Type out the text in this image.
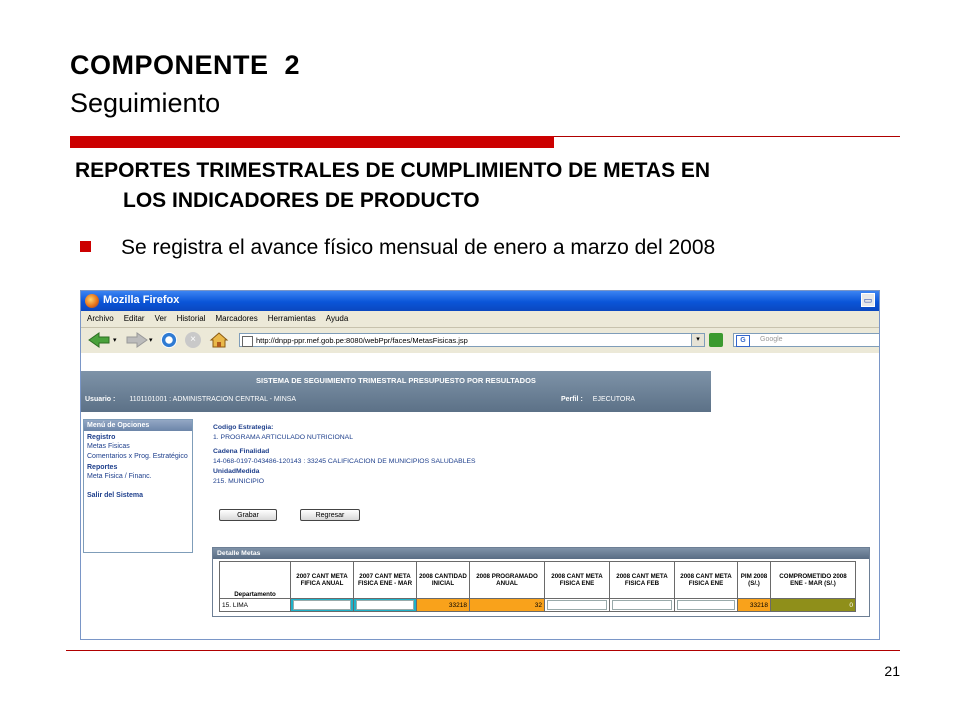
COMPONENTE  2
Seguimiento
REPORTES TRIMESTRALES DE CUMPLIMIENTO DE METAS EN
LOS INDICADORES DE PRODUCTO
Se registra el avance físico mensual de enero a marzo del 2008
Mozilla Firefox	▭
Archivo Editar Ver Historial Marcadores Herramientas Ayuda
▾	▾	×	http://dnpp-ppr.mef.gob.pe:8080/webPpr/faces/MetasFisicas.jsp	▾	G	Google
SISTEMA DE SEGUIMIENTO TRIMESTRAL PRESUPUESTO POR RESULTADOS
Usuario : 1101101001 : ADMINISTRACION CENTRAL - MINSA	Perfil : EJECUTORA
Menú de Opciones
Registro
Metas Fisicas
Comentarios x Prog. Estratégico
Reportes
Meta Fisica / Financ.
Salir del Sistema
Codigo Estrategia:
1. PROGRAMA ARTICULADO NUTRICIONAL
Cadena Finalidad
14-068-0197-043486-120143 : 33245 CALIFICACION DE MUNICIPIOS SALUDABLES
UnidadMedida
215. MUNICIPIO
Grabar	Regresar
Detalle Metas
Departamento	2007 CANT META FIFICA ANUAL	2007 CANT META FISICA ENE - MAR	2008 CANTIDAD INICIAL	2008 PROGRAMADO ANUAL	2008 CANT META FISICA ENE	2008 CANT META FISICA FEB	2008 CANT META FISICA ENE	PIM 2008 (S/.)	COMPROMETIDO 2008 ENE - MAR (S/.)
15. LIMA			33218	32				33218	0
21
